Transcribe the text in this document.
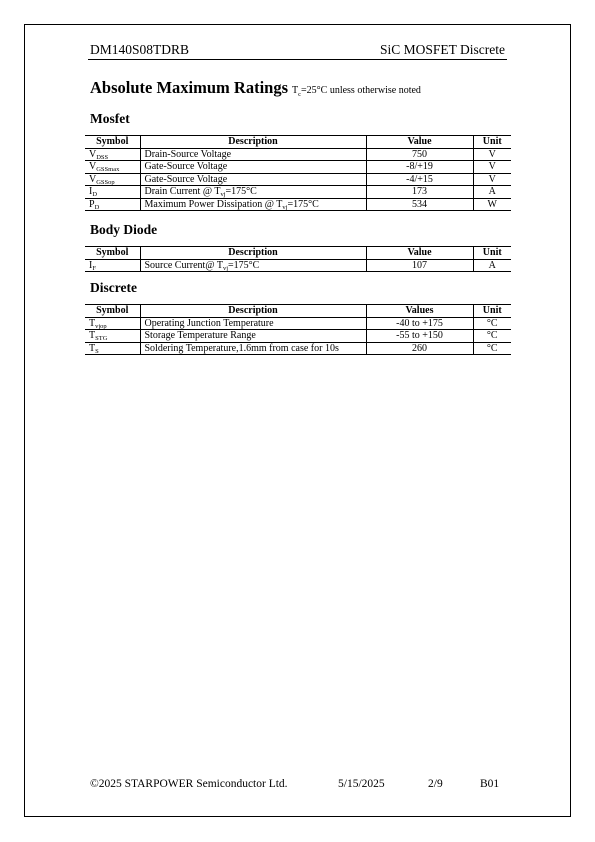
DM140S08TDRB	SiC MOSFET Discrete
Absolute Maximum Ratings $T_c=25^\circ C$ unless otherwise noted
Mosfet
Symbol	Description	Value	Unit
$V_{DSS}$	Drain-Source Voltage	750	V
$V_{GSSmax}$	Gate-Source Voltage	-8/+19	V
$V_{GSSop}$	Gate-Source Voltage	-4/+15	V
$I_D$	Drain Current @ $T_{vj}=175^\circ C$	173	A
$P_D$	Maximum Power Dissipation @ $T_{vj}=175^\circ C$	534	W
Body Diode
Symbol	Description	Value	Unit
$I_F$	Source Current@ $T_{vj}=175^\circ C$	107	A
Discrete
Symbol	Description	Values	Unit
$T_{vjop}$	Operating Junction Temperature	-40 to +175	°C
$T_{STG}$	Storage Temperature Range	-55 to +150	°C
$T_S$	Soldering Temperature,1.6mm from case for 10s	260	°C
©2025 STARPOWER Semiconductor Ltd.	5/15/2025	2/9	B01
